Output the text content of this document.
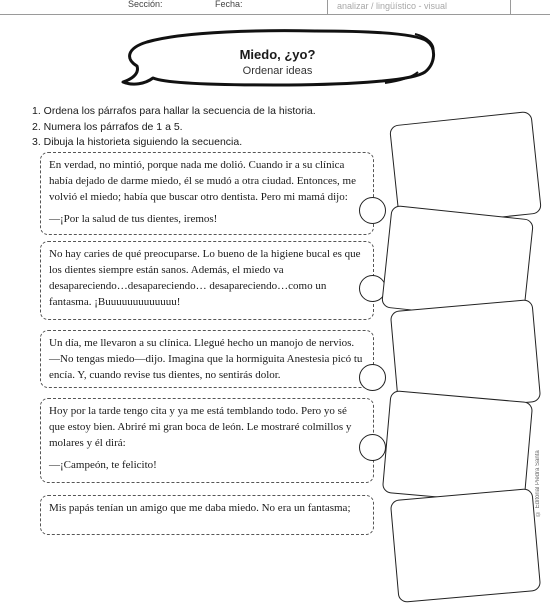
Sección:	Fecha:	analizar / lingüístico - visual
Miedo, ¿yo?
Ordenar ideas
1. Ordena los párrafos para hallar la secuencia de la historia.
2. Numera los párrafos de 1 a 5.
3. Dibuja la historieta siguiendo la secuencia.

En verdad, no mintió, porque nada me dolió. Cuando ir a su clínica había dejado de darme miedo, él se mudó a otra ciudad. Entonces, me volvió el miedo; había que buscar otro dentista. Pero mi mamá dijo:

—¡Por la salud de tus dientes, iremos!

No hay caries de qué preocuparse. Lo bueno de la higiene bucal es que los dientes siempre están sanos. Además, el miedo va desapareciendo…desapareciendo… desapareciendo…como un fantasma. ¡Buuuuuuuuuuuuu!

Un día, me llevaron a su clínica. Llegué hecho un manojo de nervios. —No tengas miedo—dijo. Imagina que la hormiguita Anestesia picó tu encía. Y, cuando revise tus dientes, no sentirás dolor.

Hoy por la tarde tengo cita y ya me está temblando todo. Pero yo sé que estoy bien. Abriré mi gran boca de león. Le mostraré colmillos y molares y él dirá:

—¡Campeón, te felicito!

Mis papás tenían un amigo que me daba miedo. No era un fantasma;	© Editorial Piedra Santa
